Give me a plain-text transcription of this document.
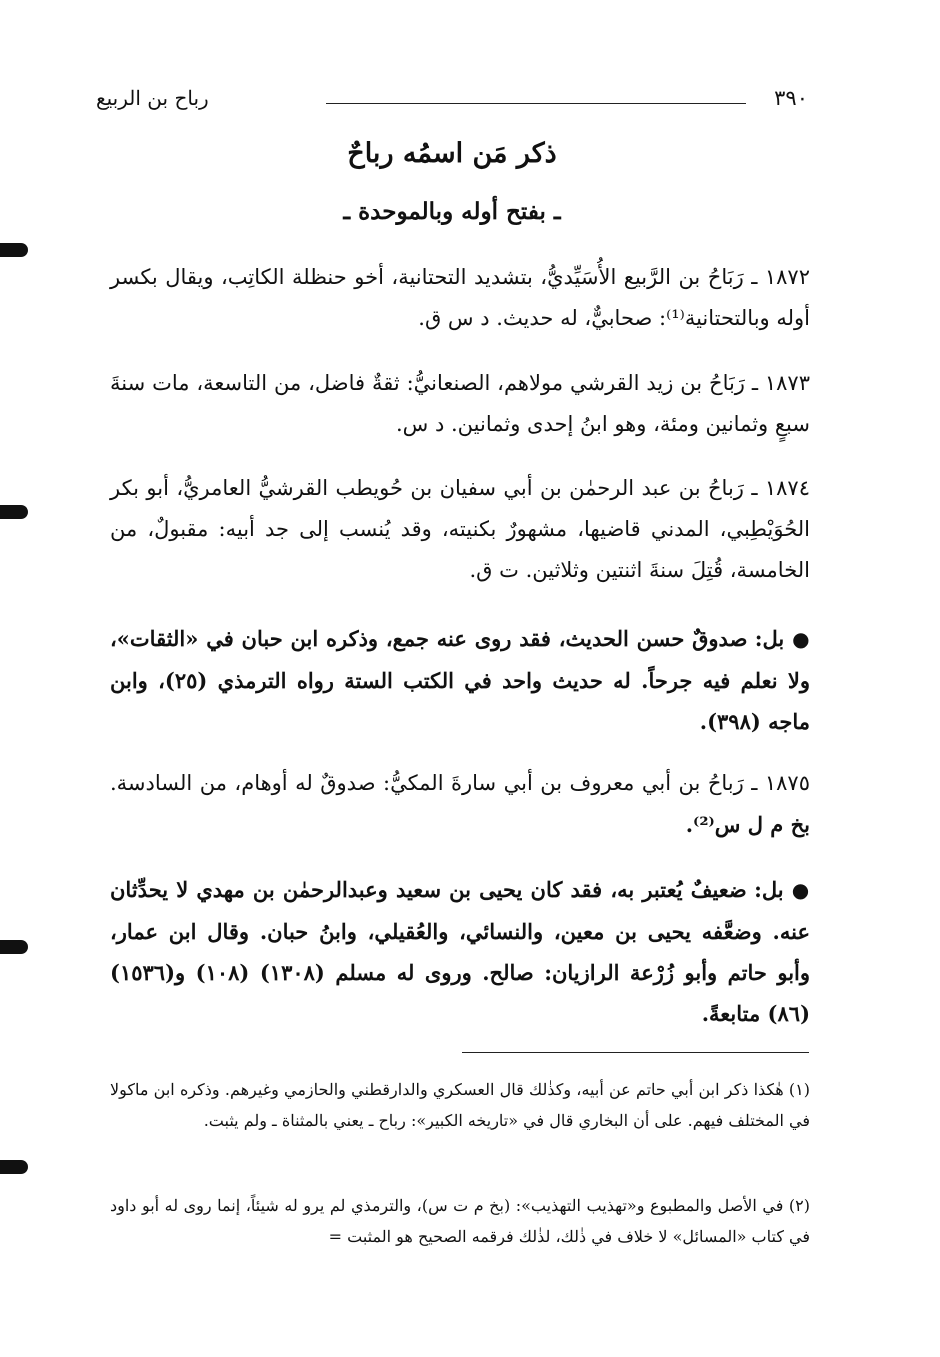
٣٩٠
رباح بن الربيع
ذكر مَن اسمُه رباحٌ
ـ بفتح أوله وبالموحدة ـ
١٨٧٢ ـ رَبَاحُ بن الرَّبيع الأُسَيِّديُّ، بتشديد التحتانية، أخو حنظلة الكاتِب، ويقال بكسر أوله وبالتحتانية⁽¹⁾: صحابيٌّ، له حديث. د س ق.
١٨٧٣ ـ رَبَاحُ بن زيد القرشي مولاهم، الصنعانيُّ: ثقةٌ فاضل، من التاسعة، مات سنةَ سبعٍ وثمانين ومئة، وهو ابنُ إحدى وثمانين. د س.
١٨٧٤ ـ رَباحُ بن عبد الرحمٰن بن أبي سفيان بن حُويطب القرشيُّ العامريُّ، أبو بكر الحُوَيْطِبي، المدني قاضيها، مشهورٌ بكنيته، وقد يُنسب إلى جد أبيه: مقبولٌ، من الخامسة، قُتِلَ سنةَ اثنتين وثلاثين. ت ق.
● بل: صدوقٌ حسن الحديث، فقد روى عنه جمع، وذكره ابن حبان في «الثقات»، ولا نعلم فيه جرحاً. له حديث واحد في الكتب الستة رواه الترمذي (٢٥)، وابن ماجه (٣٩٨).
١٨٧٥ ـ رَباحُ بن أبي معروف بن أبي سارةَ المكيُّ: صدوقٌ له أوهام، من السادسة. بخ م ل س⁽²⁾.
● بل: ضعيفٌ يُعتبر به، فقد كان يحيى بن سعيد وعبدالرحمٰن بن مهدي لا يحدِّثان عنه. وضعَّفه يحيى بن معين، والنسائي، والعُقيلي، وابنُ حبان. وقال ابن عمار، وأبو حاتم وأبو زُرْعة الرازيان: صالح. وروى له مسلم (١٣٠٨) (١٠٨) و(١٥٣٦) (٨٦) متابعةً.
(١) هٰكذا ذكر ابن أبي حاتم عن أبيه، وكذٰلك قال العسكري والدارقطني والحازمي وغيرهم. وذكره ابن ماكولا في المختلف فيهم. على أن البخاري قال في «تاريخه الكبير»: رباح ـ يعني بالمثناة ـ ولم يثبت.
(٢) في الأصل والمطبوع و«تهذيب التهذيب»: (بخ م ت س)، والترمذي لم يرو له شيئاً، إنما روى له أبو داود في كتاب «المسائل» لا خلاف في ذٰلك، لذٰلك فرقمه الصحيح هو المثبت =
